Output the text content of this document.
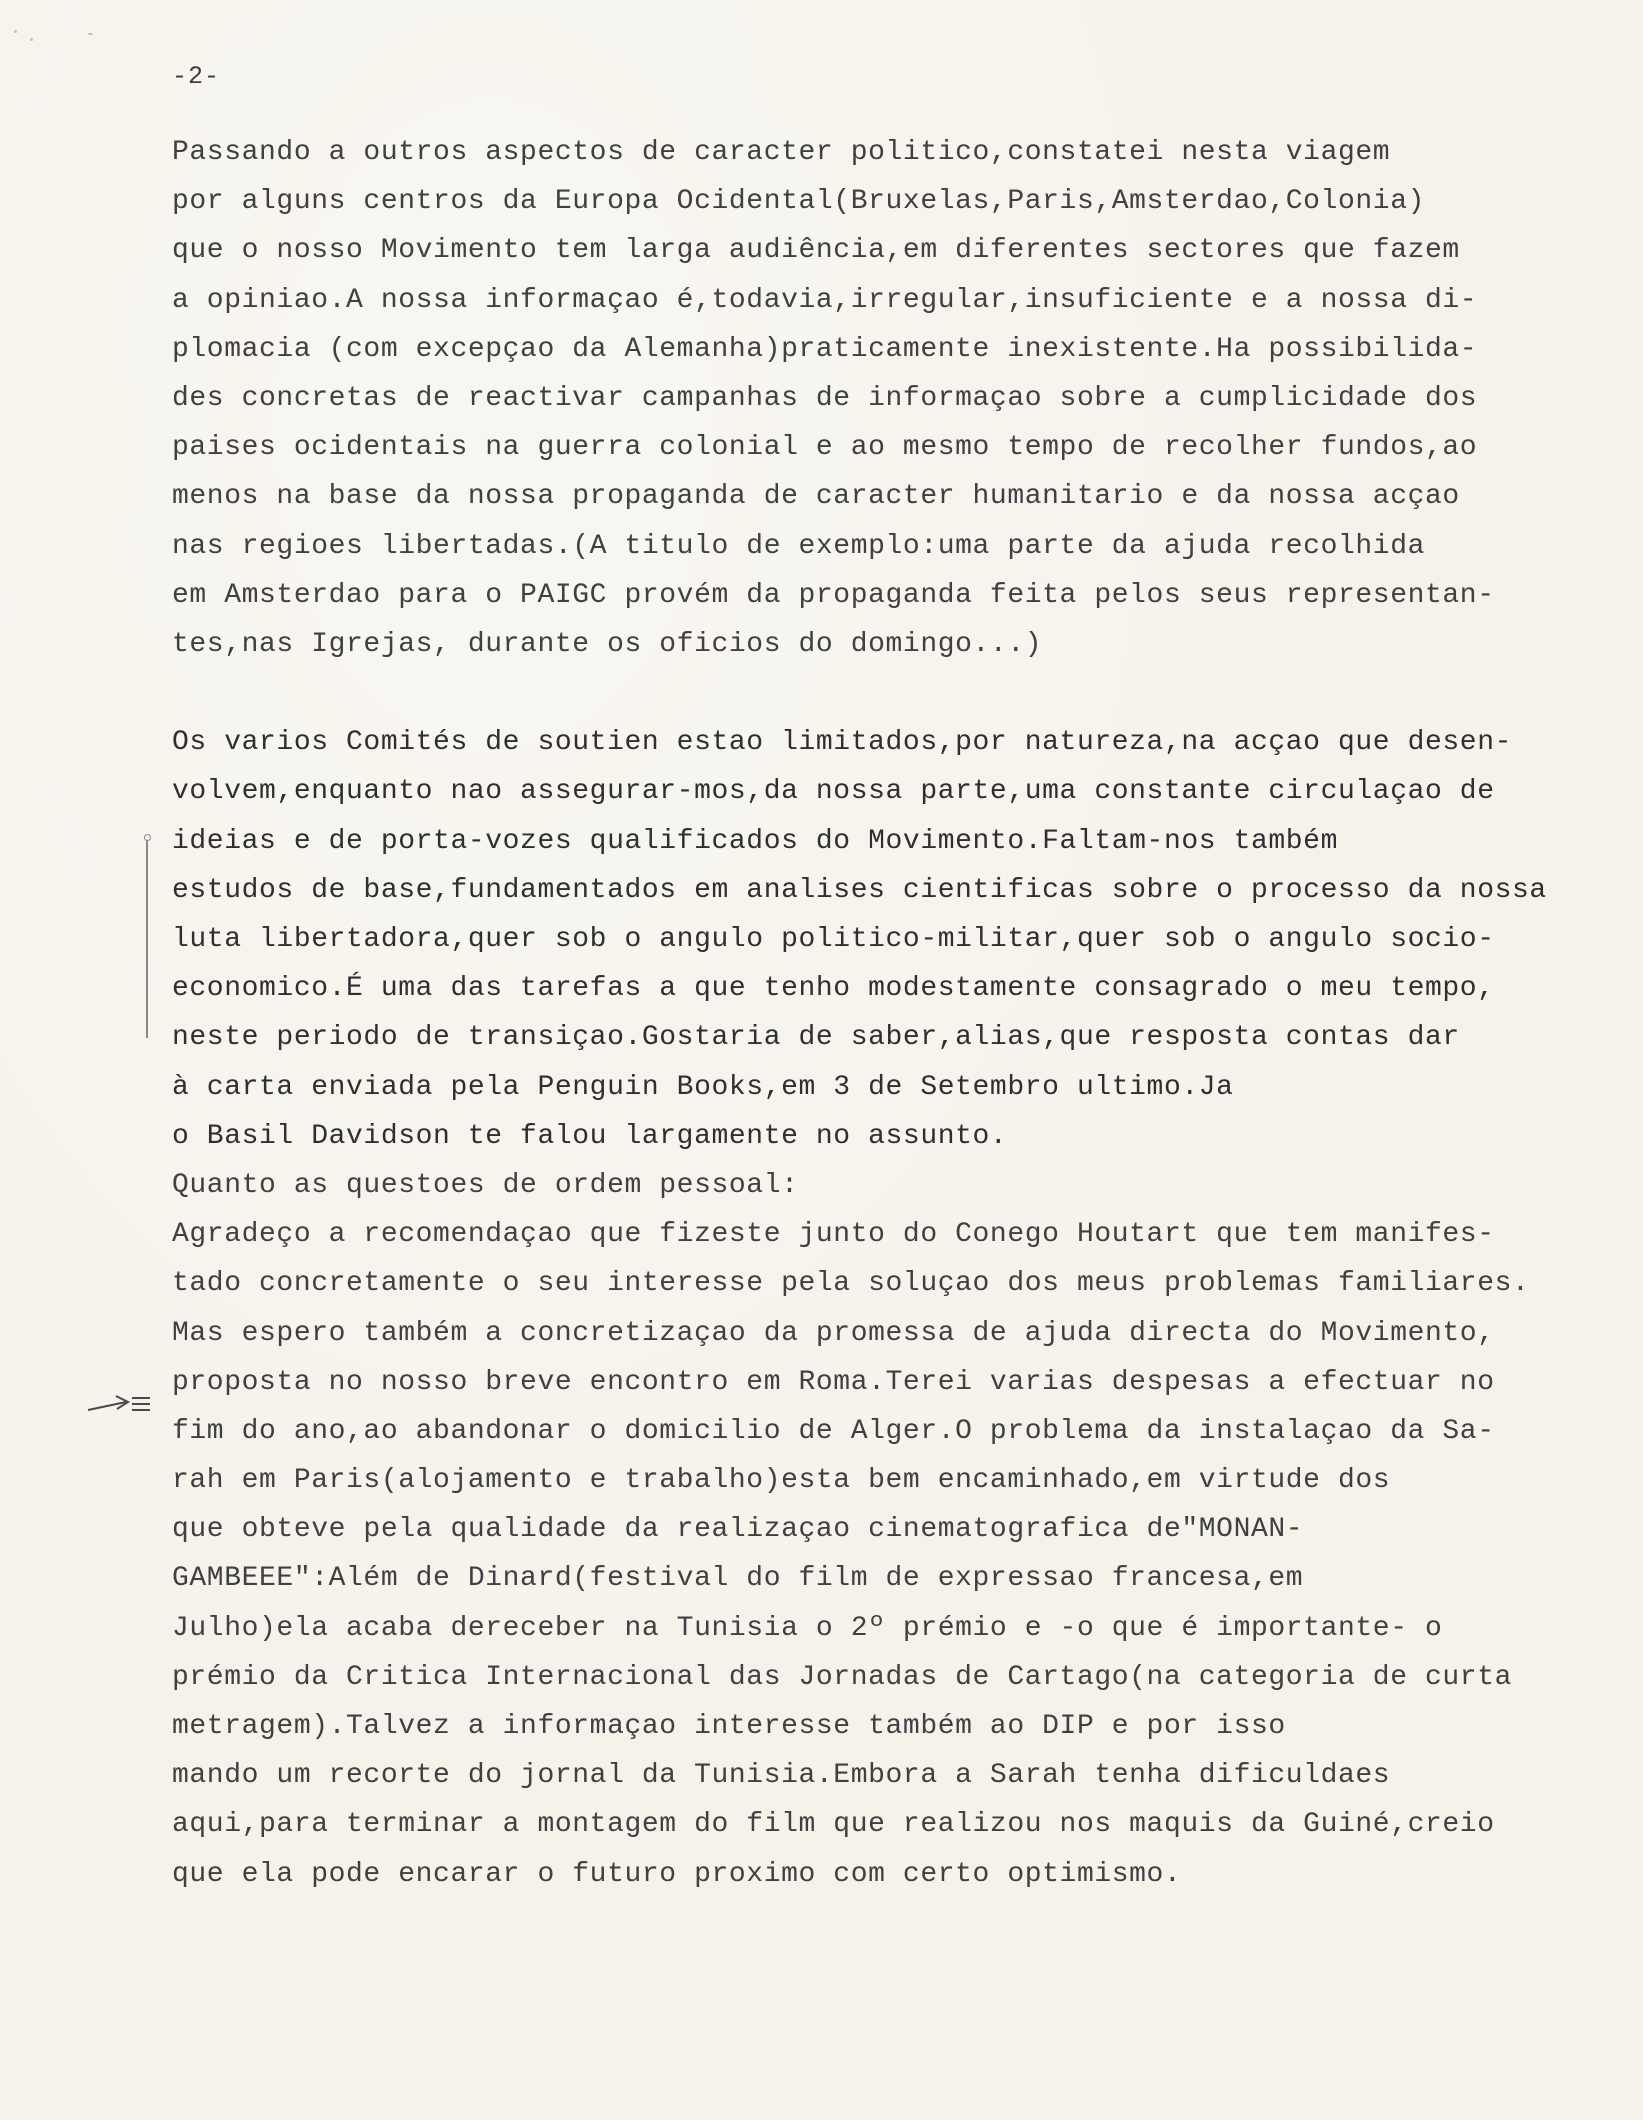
-2-
Passando a outros aspectos de caracter politico,constatei nesta viagem
por alguns centros da Europa Ocidental(Bruxelas,Paris,Amsterdao,Colonia)
que o nosso Movimento tem larga audiência,em diferentes sectores que fazem
a opiniao.A nossa informaçao é,todavia,irregular,insuficiente e a nossa di-
plomacia (com excepçao da Alemanha)praticamente inexistente.Ha possibilida-
des concretas de reactivar campanhas de informaçao sobre a cumplicidade dos
paises ocidentais na guerra colonial e ao mesmo tempo de recolher fundos,ao
menos na base da nossa propaganda de caracter humanitario e da nossa acçao
nas regioes libertadas.(A titulo de exemplo:uma parte da ajuda recolhida
em Amsterdao para o PAIGC provém da propaganda feita pelos seus representan-
tes,nas Igrejas, durante os oficios do domingo...)
Os varios Comités de soutien estao limitados,por natureza,na acçao que desen-
volvem,enquanto nao assegurar-mos,da nossa parte,uma constante circulaçao de
ideias e de porta-vozes qualificados do Movimento.Faltam-nos também
estudos de base,fundamentados em analises cientificas sobre o processo da nossa
luta libertadora,quer sob o angulo politico-militar,quer sob o angulo socio-
economico.É uma das tarefas a que tenho modestamente consagrado o meu tempo,
neste periodo de transiçao.Gostaria de saber,alias,que resposta contas dar
à carta enviada pela Penguin Books,em 3 de Setembro ultimo.Ja
o Basil Davidson te falou largamente no assunto.
Quanto as questoes de ordem pessoal:
Agradeço a recomendaçao que fizeste junto do Conego Houtart que tem manifes-
tado concretamente o seu interesse pela soluçao dos meus problemas familiares.
Mas espero também a concretizaçao da promessa de ajuda directa do Movimento,
proposta no nosso breve encontro em Roma.Terei varias despesas a efectuar no
fim do ano,ao abandonar o domicilio de Alger.O problema da instalaçao da Sa-
rah em Paris(alojamento e trabalho)esta bem encaminhado,em virtude dos
que obteve pela qualidade da realizaçao cinematografica de"MONAN-
GAMBEEE":Além de Dinard(festival do film de expressao francesa,em
Julho)ela acaba dereceber na Tunisia o 2º prémio e -o que é importante- o
prémio da Critica Internacional das Jornadas de Cartago(na categoria de curta
metragem).Talvez a informaçao interesse também ao DIP e por isso
mando um recorte do jornal da Tunisia.Embora a Sarah tenha dificuldaes
aqui,para terminar a montagem do film que realizou nos maquis da Guiné,creio
que ela pode encarar o futuro proximo com certo optimismo.
